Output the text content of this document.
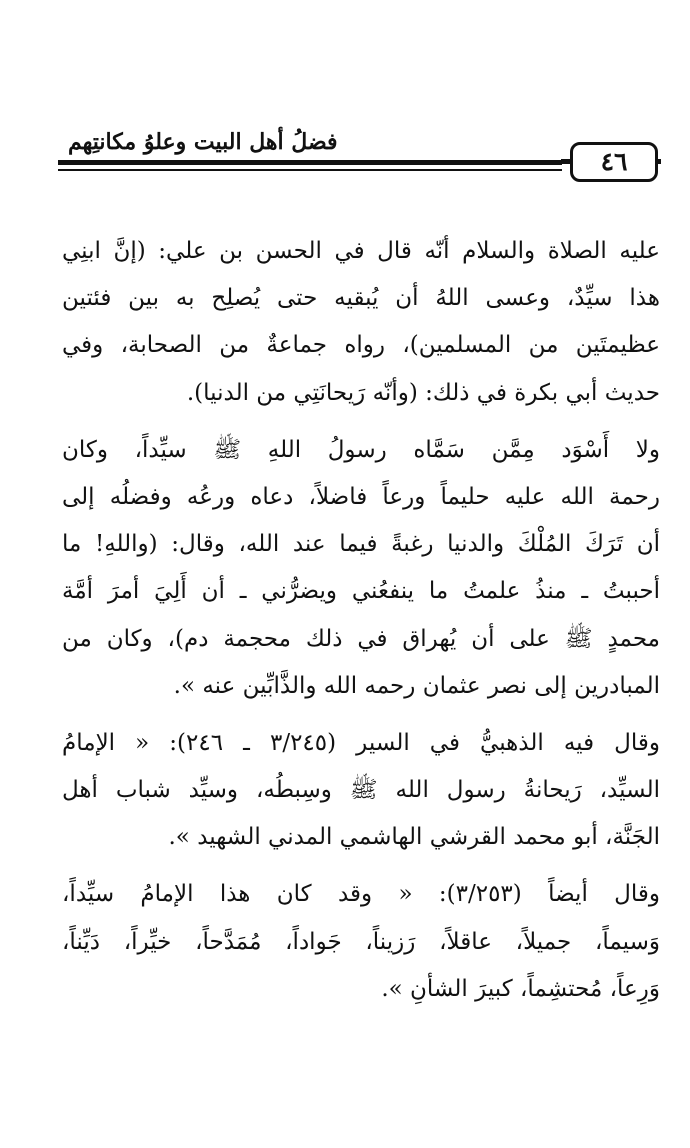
فضلُ أهل البيت وعلوُ مكانتِهم
٤٦
عليه الصلاة والسلام أنّه قال في الحسن بن علي: (إنَّ ابنِي
هذا سيِّدٌ، وعسى اللهُ أن يُبقيه حتى يُصلِح به بين فئتين
عظيمتَين من المسلمين)، رواه جماعةٌ من الصحابة، وفي
حديث أبي بكرة في ذلك: (وأنّه رَيحانَتِي من الدنيا).
ولا أَسْوَد مِمَّن سَمَّاه رسولُ اللهِ ﷺ سيِّداً، وكان
رحمة الله عليه حليماً ورعاً فاضلاً، دعاه ورعُه وفضلُه إلى
أن تَرَكَ المُلْكَ والدنيا رغبةً فيما عند الله، وقال: (واللهِ! ما
أحببتُ ـ منذُ علمتُ ما ينفعُني ويضرُّني ـ أن أَلِيَ أمرَ أمَّة
محمدٍ ﷺ على أن يُهراق في ذلك محجمة دم)، وكان من
المبادرين إلى نصر عثمان رحمه الله والذَّابِّين عنه ».
وقال فيه الذهبيُّ في السير (٣/٢٤٥ ـ ٢٤٦): « الإمامُ
السيِّد، رَيحانةُ رسول الله ﷺ وسِبطُه، وسيِّد شباب أهل
الجَنَّة، أبو محمد القرشي الهاشمي المدني الشهيد ».
وقال أيضاً (٣/٢٥٣): « وقد كان هذا الإمامُ سيِّداً،
وَسيماً، جميلاً، عاقلاً، رَزيناً، جَواداً، مُمَدَّحاً، خيِّراً، دَيِّناً،
وَرِعاً، مُحتشِماً، كبيرَ الشأنِ ».
